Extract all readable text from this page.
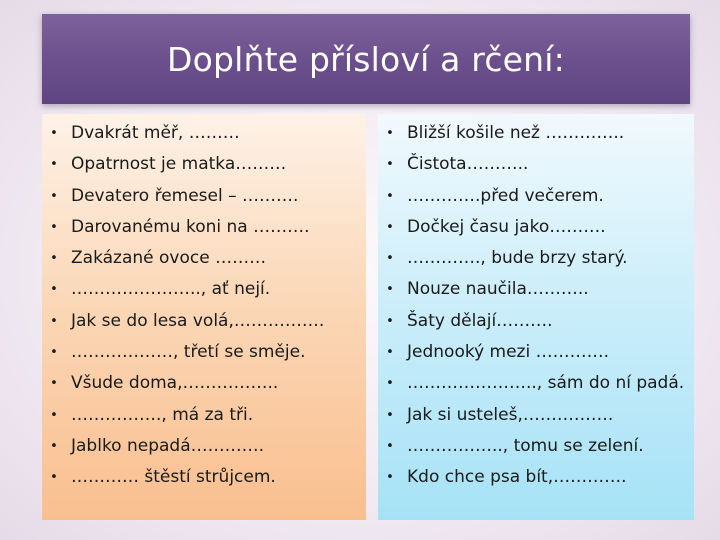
Doplňte přísloví a rčení:
• Dvakrát měř, ………
• Opatrnost je matka………
• Devatero řemesel – ……….
• Darovanému koni na ……….
• Zakázané ovoce ………
• ………………….., ať nejí.
• Jak se do lesa volá,…………….
• ………………, třetí se směje.
• Všude doma,……………..
• ……………., má za tři.
• Jablko nepadá………….
• ………… štěstí strůjcem.
• Bližší košile než …………..
• Čistota………..
• ………….před večerem.
• Dočkej času jako……….
• …………., bude brzy starý.
• Nouze naučila………..
• Šaty dělají……….
• Jednooký mezi ………….
• ………………….., sám do ní padá.
• Jak si usteleš,…………….
• …………….., tomu se zelení.
• Kdo chce psa bít,………….
